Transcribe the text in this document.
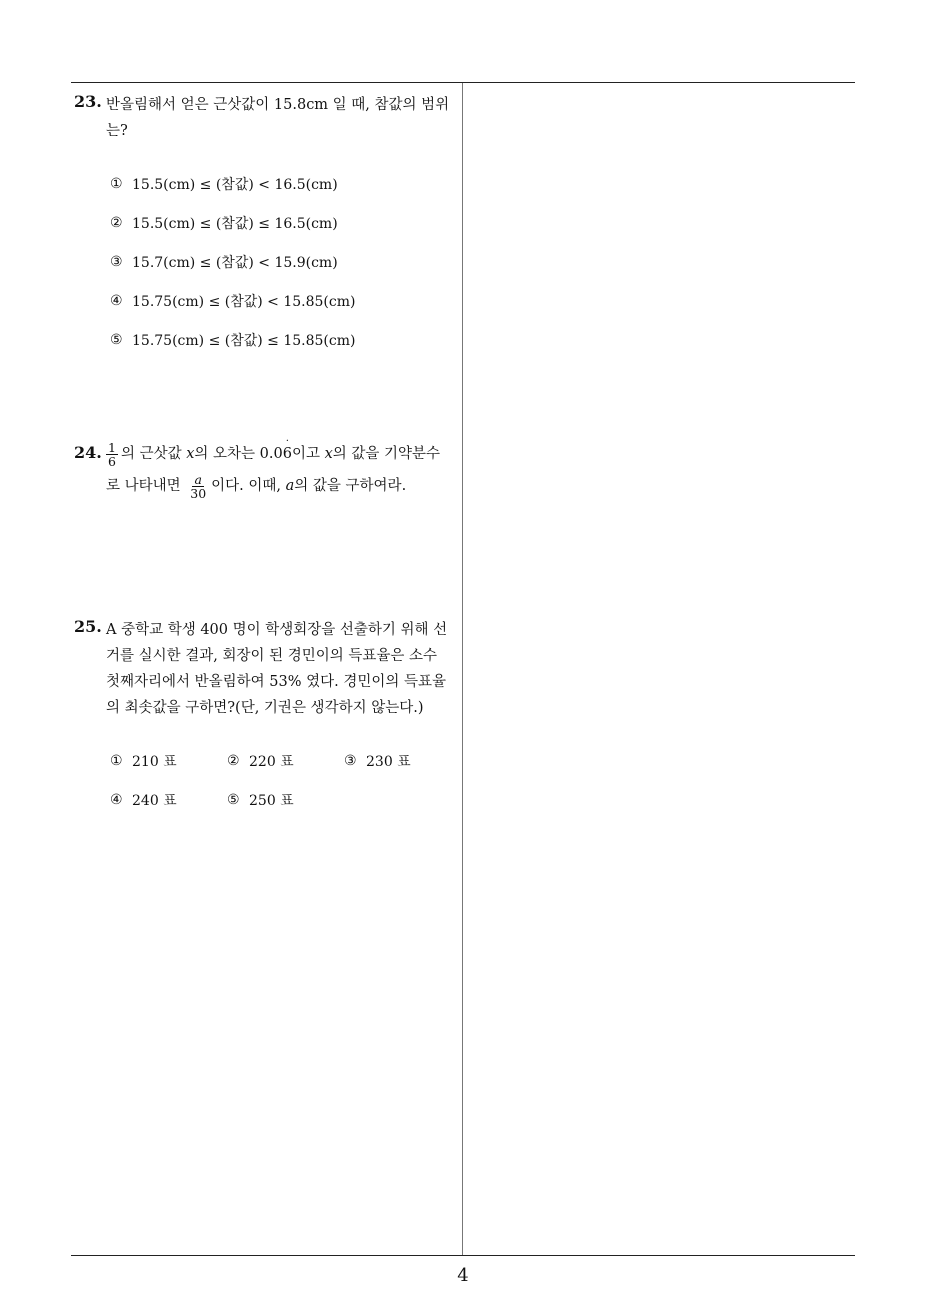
23. 반올림해서 얻은 근삿값이 15.8cm 일 때, 참값의 범위
는?
① 15.5(cm) ≤ (참값) < 16.5(cm)
② 15.5(cm) ≤ (참값) ≤ 16.5(cm)
③ 15.7(cm) ≤ (참값) < 15.9(cm)
④ 15.75(cm) ≤ (참값) < 15.85(cm)
⑤ 15.75(cm) ≤ (참값) ≤ 15.85(cm)
24. $\frac{1}{6}$ 의 근삿값 x의 오차는 0.0˙ 6이고 x의 값을 기약분수
로 나타내면 $\frac{a}{30}$ 이다. 이때, a의 값을 구하여라.
25. A 중학교 학생 400 명이 학생회장을 선출하기 위해 선
거를 실시한 결과, 회장이 된 경민이의 득표율은 소수
첫째자리에서 반올림하여 53% 였다. 경민이의 득표율
의 최솟값을 구하면?(단, 기권은 생각하지 않는다.)
① 210 표	② 220 표	③ 230 표
④ 240 표	⑤ 250 표
4
